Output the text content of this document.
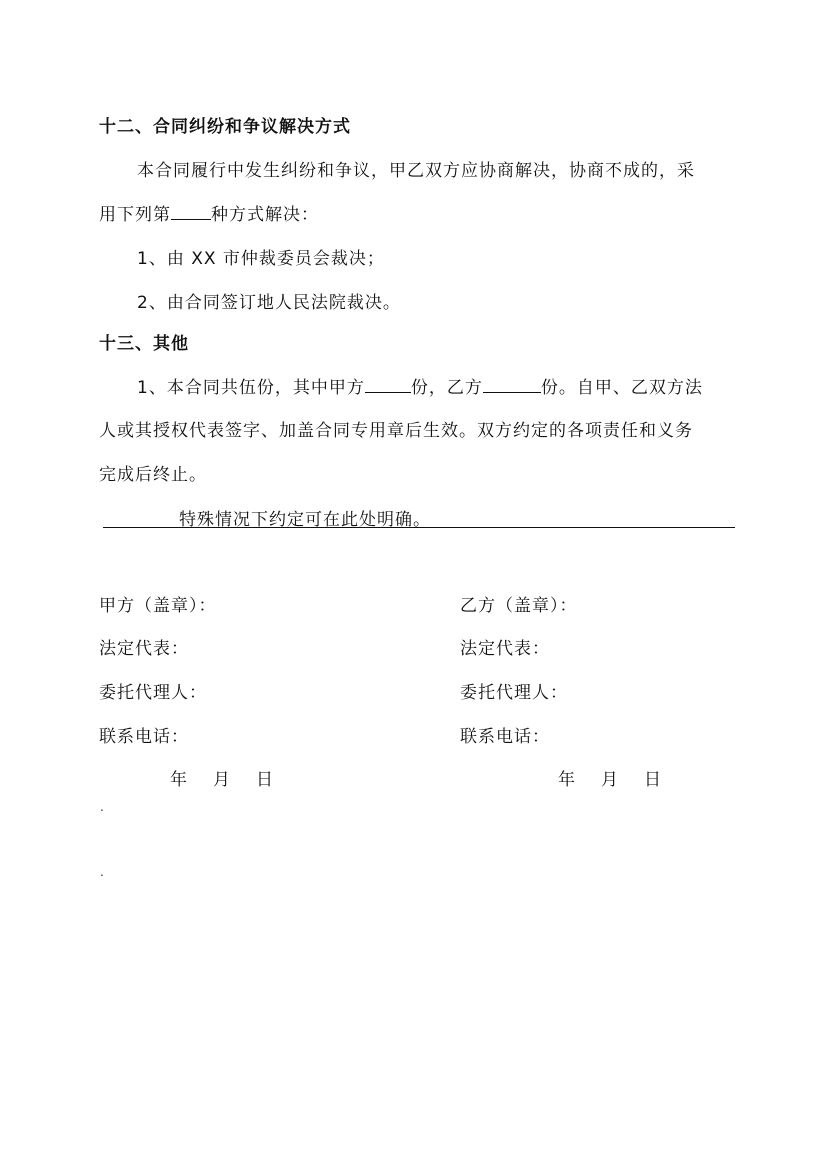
十二、合同纠纷和争议解决方式
本合同履行中发生纠纷和争议，甲乙双方应协商解决，协商不成的，采
用下列第 种方式解决：
1、由 XX 市仲裁委员会裁决；
2、由合同签订地人民法院裁决。
十三、其他
1、本合同共伍份，其中甲方	份，乙方	份。自甲、乙双方法
人或其授权代表签字、加盖合同专用章后生效。双方约定的各项责任和义务
完成后终止。
特殊情况下约定可在此处明确。
甲方（盖章）：
法定代表：
委托代理人：
联系电话：
年 月 日
乙方（盖章）：
法定代表：
委托代理人：
联系电话：
年 月 日
.
.
